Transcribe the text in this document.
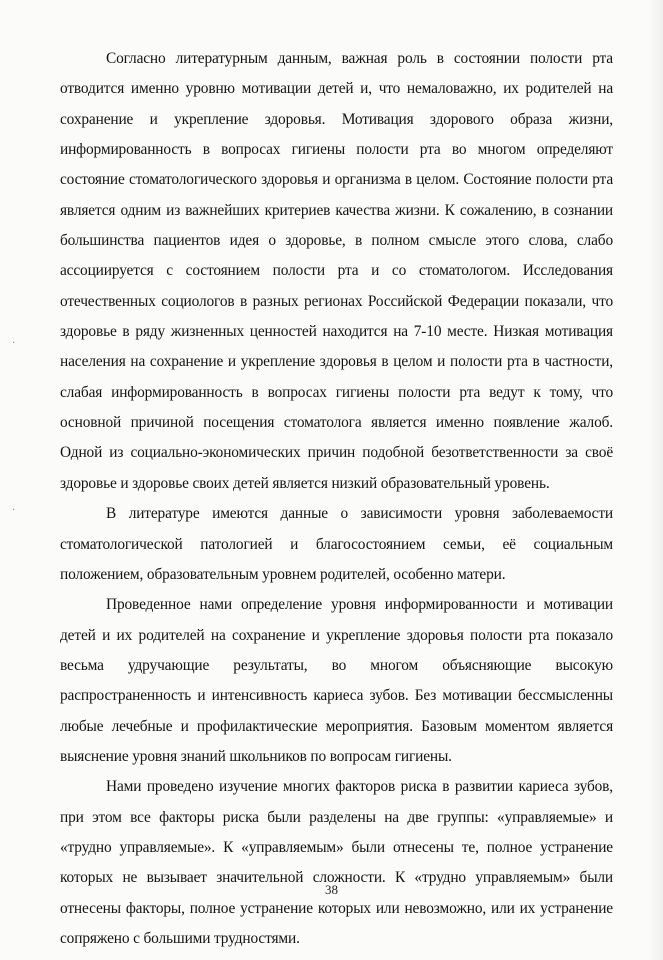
·
·

Согласно литературным данным, важная роль в состоянии полости рта отводится именно уровню мотивации детей и, что немаловажно, их родителей на сохранение и укрепление здоровья. Мотивация здорового образа жизни, информированность в вопросах гигиены полости рта во многом определяют состояние стоматологического здоровья и организма в целом. Состояние полости рта является одним из важнейших критериев качества жизни. К сожалению, в сознании большинства пациентов идея о здоровье, в полном смысле этого слова, слабо ассоциируется с состоянием полости рта и со стоматологом. Исследования отечественных социологов в разных регионах Российской Федерации показали, что здоровье в ряду жизненных ценностей находится на 7-10 месте. Низкая мотивация населения на сохранение и укрепление здоровья в целом и полости рта в частности, слабая информированность в вопросах гигиены полости рта ведут к тому, что основной причиной посещения стоматолога является именно появление жалоб. Одной из социально-экономических причин подобной безответственности за своё здоровье и здоровье своих детей является низкий образовательный уровень.

В литературе имеются данные о зависимости уровня заболеваемости стоматологической патологией и благосостоянием семьи, её социальным положением, образовательным уровнем родителей, особенно матери.

Проведенное нами определение уровня информированности и мотивации детей и их родителей на сохранение и укрепление здоровья полости рта показало весьма удручающие результаты, во многом объясняющие высокую распространенность и интенсивность кариеса зубов. Без мотивации бессмысленны любые лечебные и профилактические мероприятия. Базовым моментом является выяснение уровня знаний школьников по вопросам гигиены.

Нами проведено изучение многих факторов риска в развитии кариеса зубов, при этом все факторы риска были разделены на две группы: «управляемые» и «трудно управляемые». К «управляемым» были отнесены те, полное устранение которых не вызывает значительной сложности. К «трудно управляемым» были отнесены факторы, полное устранение которых или невозможно, или их устранение сопряжено с большими трудностями.

38
